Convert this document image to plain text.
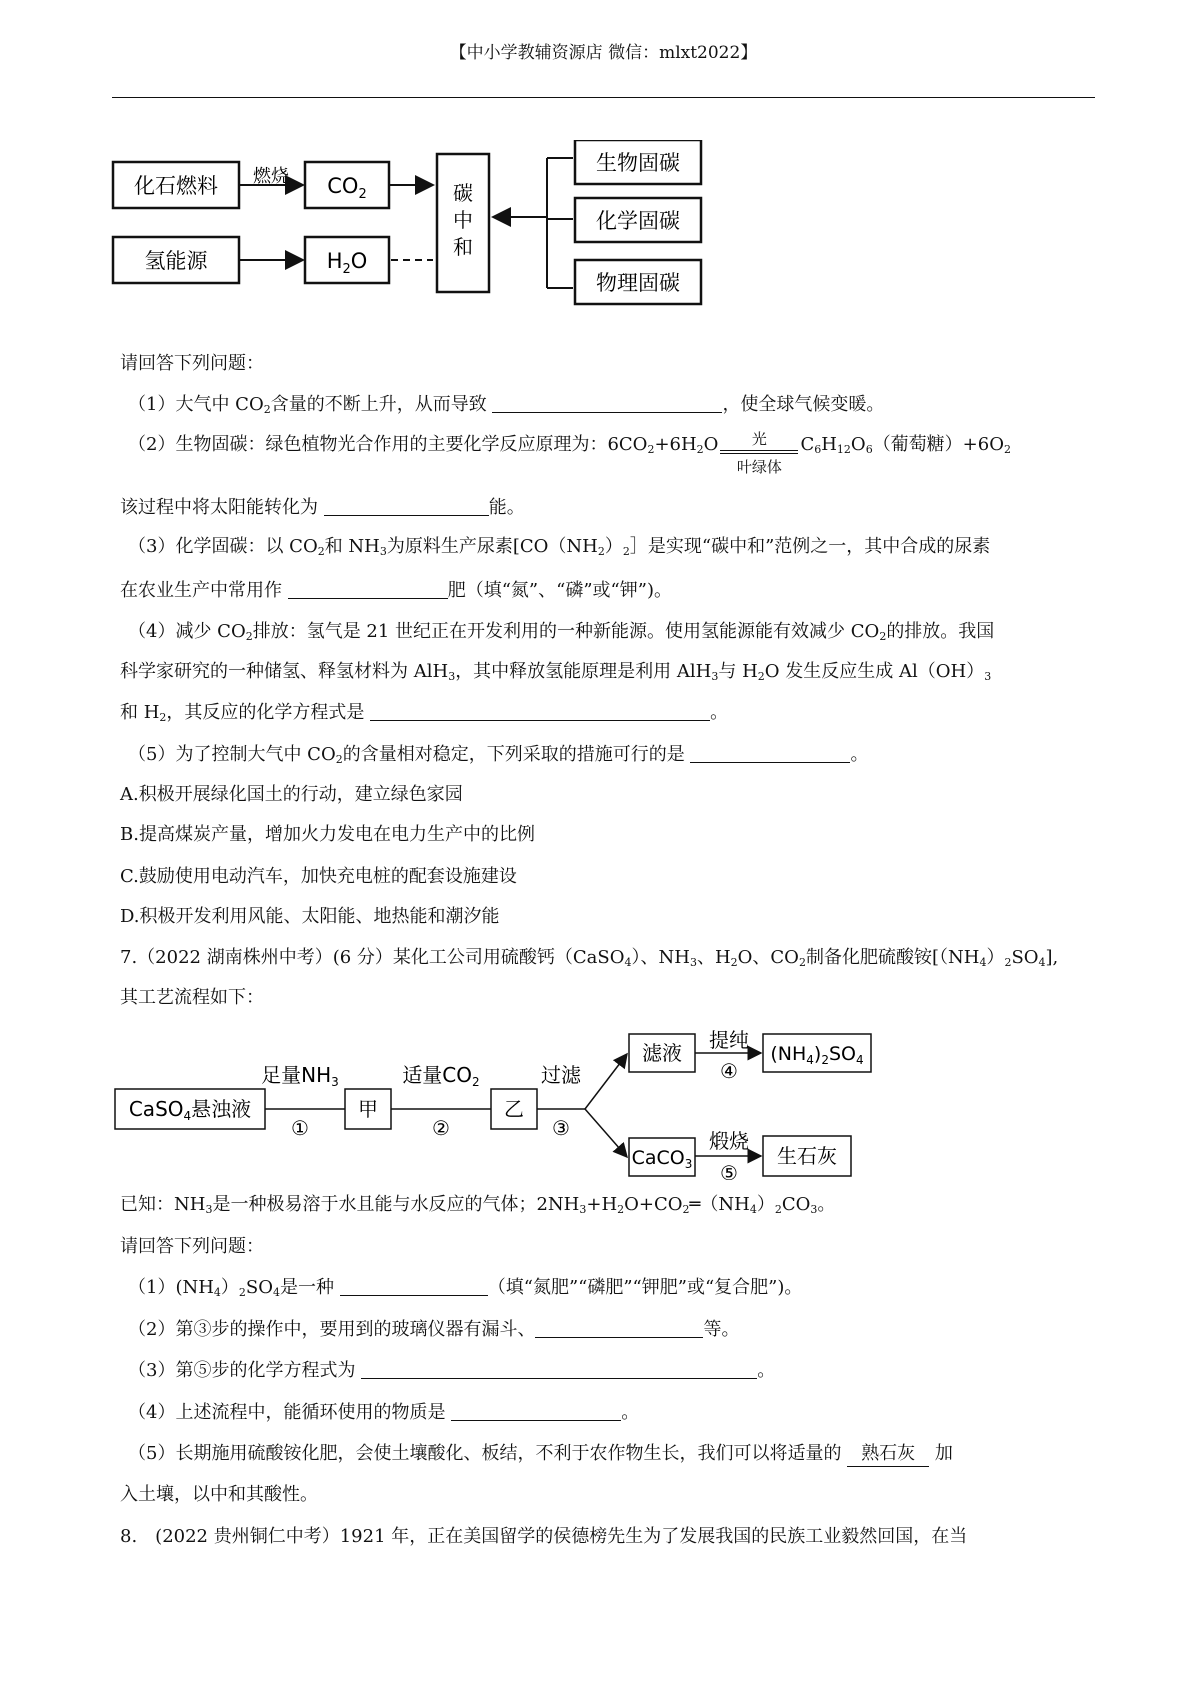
【中小学教辅资源店 微信：mlxt2022】
化石燃料 燃烧 $CO_2$
氢能源	$H_2O$
碳
中
和
生物固碳
化学固碳
物理固碳
请回答下列问题：
（1）大气中 $CO_2$含量的不断上升，从而导致	，使全球气候变暖。
（2）生物固碳：绿色植物光合作用的主要化学反应原理为：$6CO_2+6H_2O$	光
叶绿体
$C_6H_{12}O_6$（葡萄糖）$+6O_2$
该过程中将太阳能转化为	能。
（3）化学固碳：以 $CO_2$和 $NH_3$为原料生产尿素[$CO(NH_2)_2]$是实现“碳中和”范例之一，其中合成的尿素
在农业生产中常用作	肥（填“氮”、“磷”或“钾”)。
（4）减少 $CO_2$排放：氢气是 21 世纪正在开发利用的一种新能源。使用氢能源能有效减少 $CO_2$的排放。我国
科学家研究的一种储氢、释氢材料为 AlH$_3$，其中释放氢能原理是利用 AlH$_3$与 $H_2O$ 发生反应生成 $Al(OH)_3$
和 $H_2$，其反应的化学方程式是	。
（5）为了控制大气中 $CO_2$的含量相对稳定，下列采取的措施可行的是	。
A.积极开展绿化国土的行动，建立绿色家园
B.提高煤炭产量，增加火力发电在电力生产中的比例
C.鼓励使用电动汽车，加快充电桩的配套设施建设
D.积极开发利用风能、太阳能、地热能和潮汐能
7.（2022 湖南株州中考）(6 分）某化工公司用硫酸钙（CaSO$_4$）、$NH_3$、$H_2O$、$CO_2$制备化肥硫酸铵$[(NH_4)_2SO_4]$,
其工艺流程如下：
CaSO$_4$悬浊液
足量$NH_3$
①
甲
适量$CO_2$
②
乙
过滤
③
滤液
提纯
④
$(NH_4)_2SO_4$
CaCO$_3$
煅烧
⑤
生石灰
已知：$NH_3$是一种极易溶于水且能与水反应的气体；$2NH_3+H_2O+CO_2═(NH_4)_2CO_3$。
请回答下列问题：
$(1)(NH_4)_2SO_4$是一种	（填“氮肥”“磷肥”“钾肥”或“复合肥”)。
（2）第③步的操作中，要用到的玻璃仪器有漏斗、	等。
（3）第⑤步的化学方程式为	。
（4）上述流程中，能循环使用的物质是	。
（5）长期施用硫酸铵化肥，会使土壤酸化、板结，不利于农作物生长，我们可以将适量的 熟石灰 加
入土壤，以中和其酸性。
8.　(2022 贵州铜仁中考）1921 年，正在美国留学的侯德榜先生为了发展我国的民族工业毅然回国，在当
